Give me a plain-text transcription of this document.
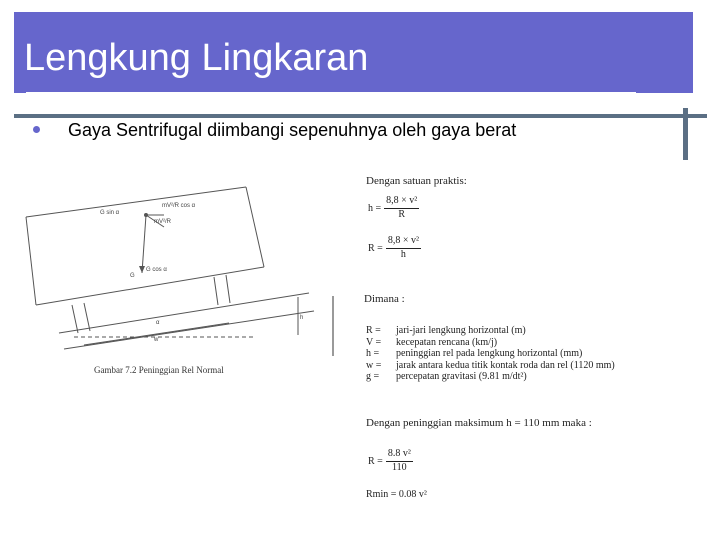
Lengkung Lingkaran
Gaya Sentrifugal diimbangi sepenuhnya oleh gaya berat
G sin α
mV²/R cos α
mV²/R
G cos α
G
h
w
α
Gambar 7.2 Peninggian Rel Normal
Dengan satuan praktis:
$h = \frac{\text{8,8 × v²}}{R}$
$R = \frac{\text{8,8 × v²}}{h}$
Dimana :
R =	jari-jari lengkung horizontal (m)
V =	kecepatan rencana (km/j)
h =	peninggian rel pada lengkung horizontal (mm)
w =	jarak antara kedua titik kontak roda dan rel (1120 mm)
g =	percepatan gravitasi (9.81 m/dt²)
Dengan peninggian maksimum h = 110 mm maka :
$R = \frac{\text{8.8 v²}}{110}$
Rmin = 0.08 v²
